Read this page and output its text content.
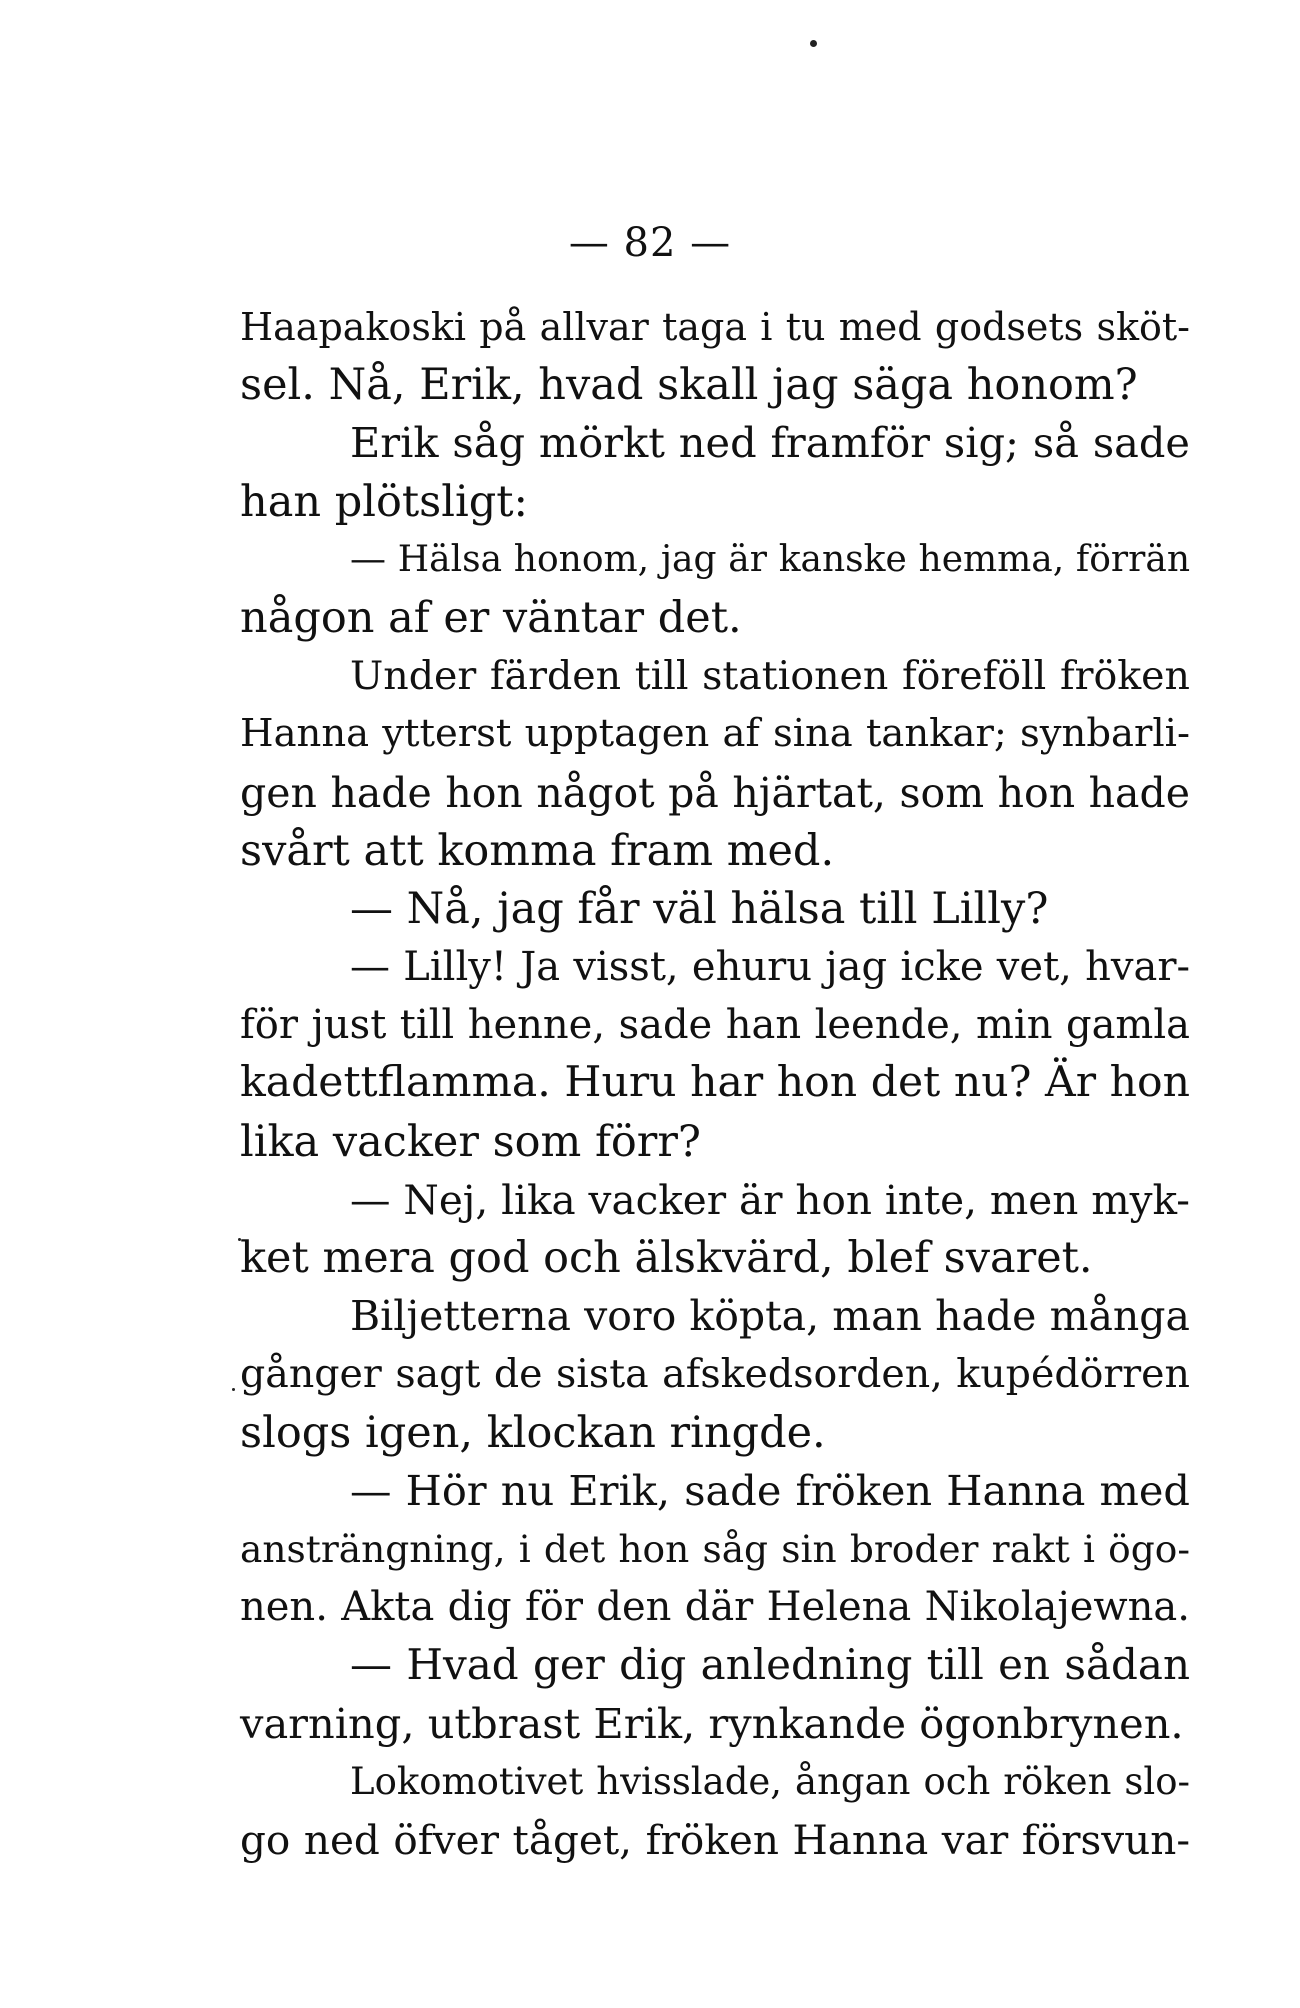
— 82 —
Haapakoski på allvar taga i tu med godsets sköt-
sel. Nå, Erik, hvad skall jag säga honom?
Erik såg mörkt ned framför sig; så sade
han plötsligt:
— Hälsa honom, jag är kanske hemma, förrän
någon af er väntar det.
Under färden till stationen föreföll fröken
Hanna ytterst upptagen af sina tankar; synbarli-
gen hade hon något på hjärtat, som hon hade
svårt att komma fram med.
— Nå, jag får väl hälsa till Lilly?
— Lilly! Ja visst, ehuru jag icke vet, hvar-
för just till henne, sade han leende, min gamla
kadettflamma. Huru har hon det nu? Är hon
lika vacker som förr?
— Nej, lika vacker är hon inte, men myk-
ket mera god och älskvärd, blef svaret.
Biljetterna voro köpta, man hade många
gånger sagt de sista afskedsorden, kupédörren
slogs igen, klockan ringde.
— Hör nu Erik, sade fröken Hanna med
ansträngning, i det hon såg sin broder rakt i ögo-
nen. Akta dig för den där Helena Nikolajewna.
— Hvad ger dig anledning till en sådan
varning, utbrast Erik, rynkande ögonbrynen.
Lokomotivet hvisslade, ångan och röken slo-
go ned öfver tåget, fröken Hanna var försvun-
